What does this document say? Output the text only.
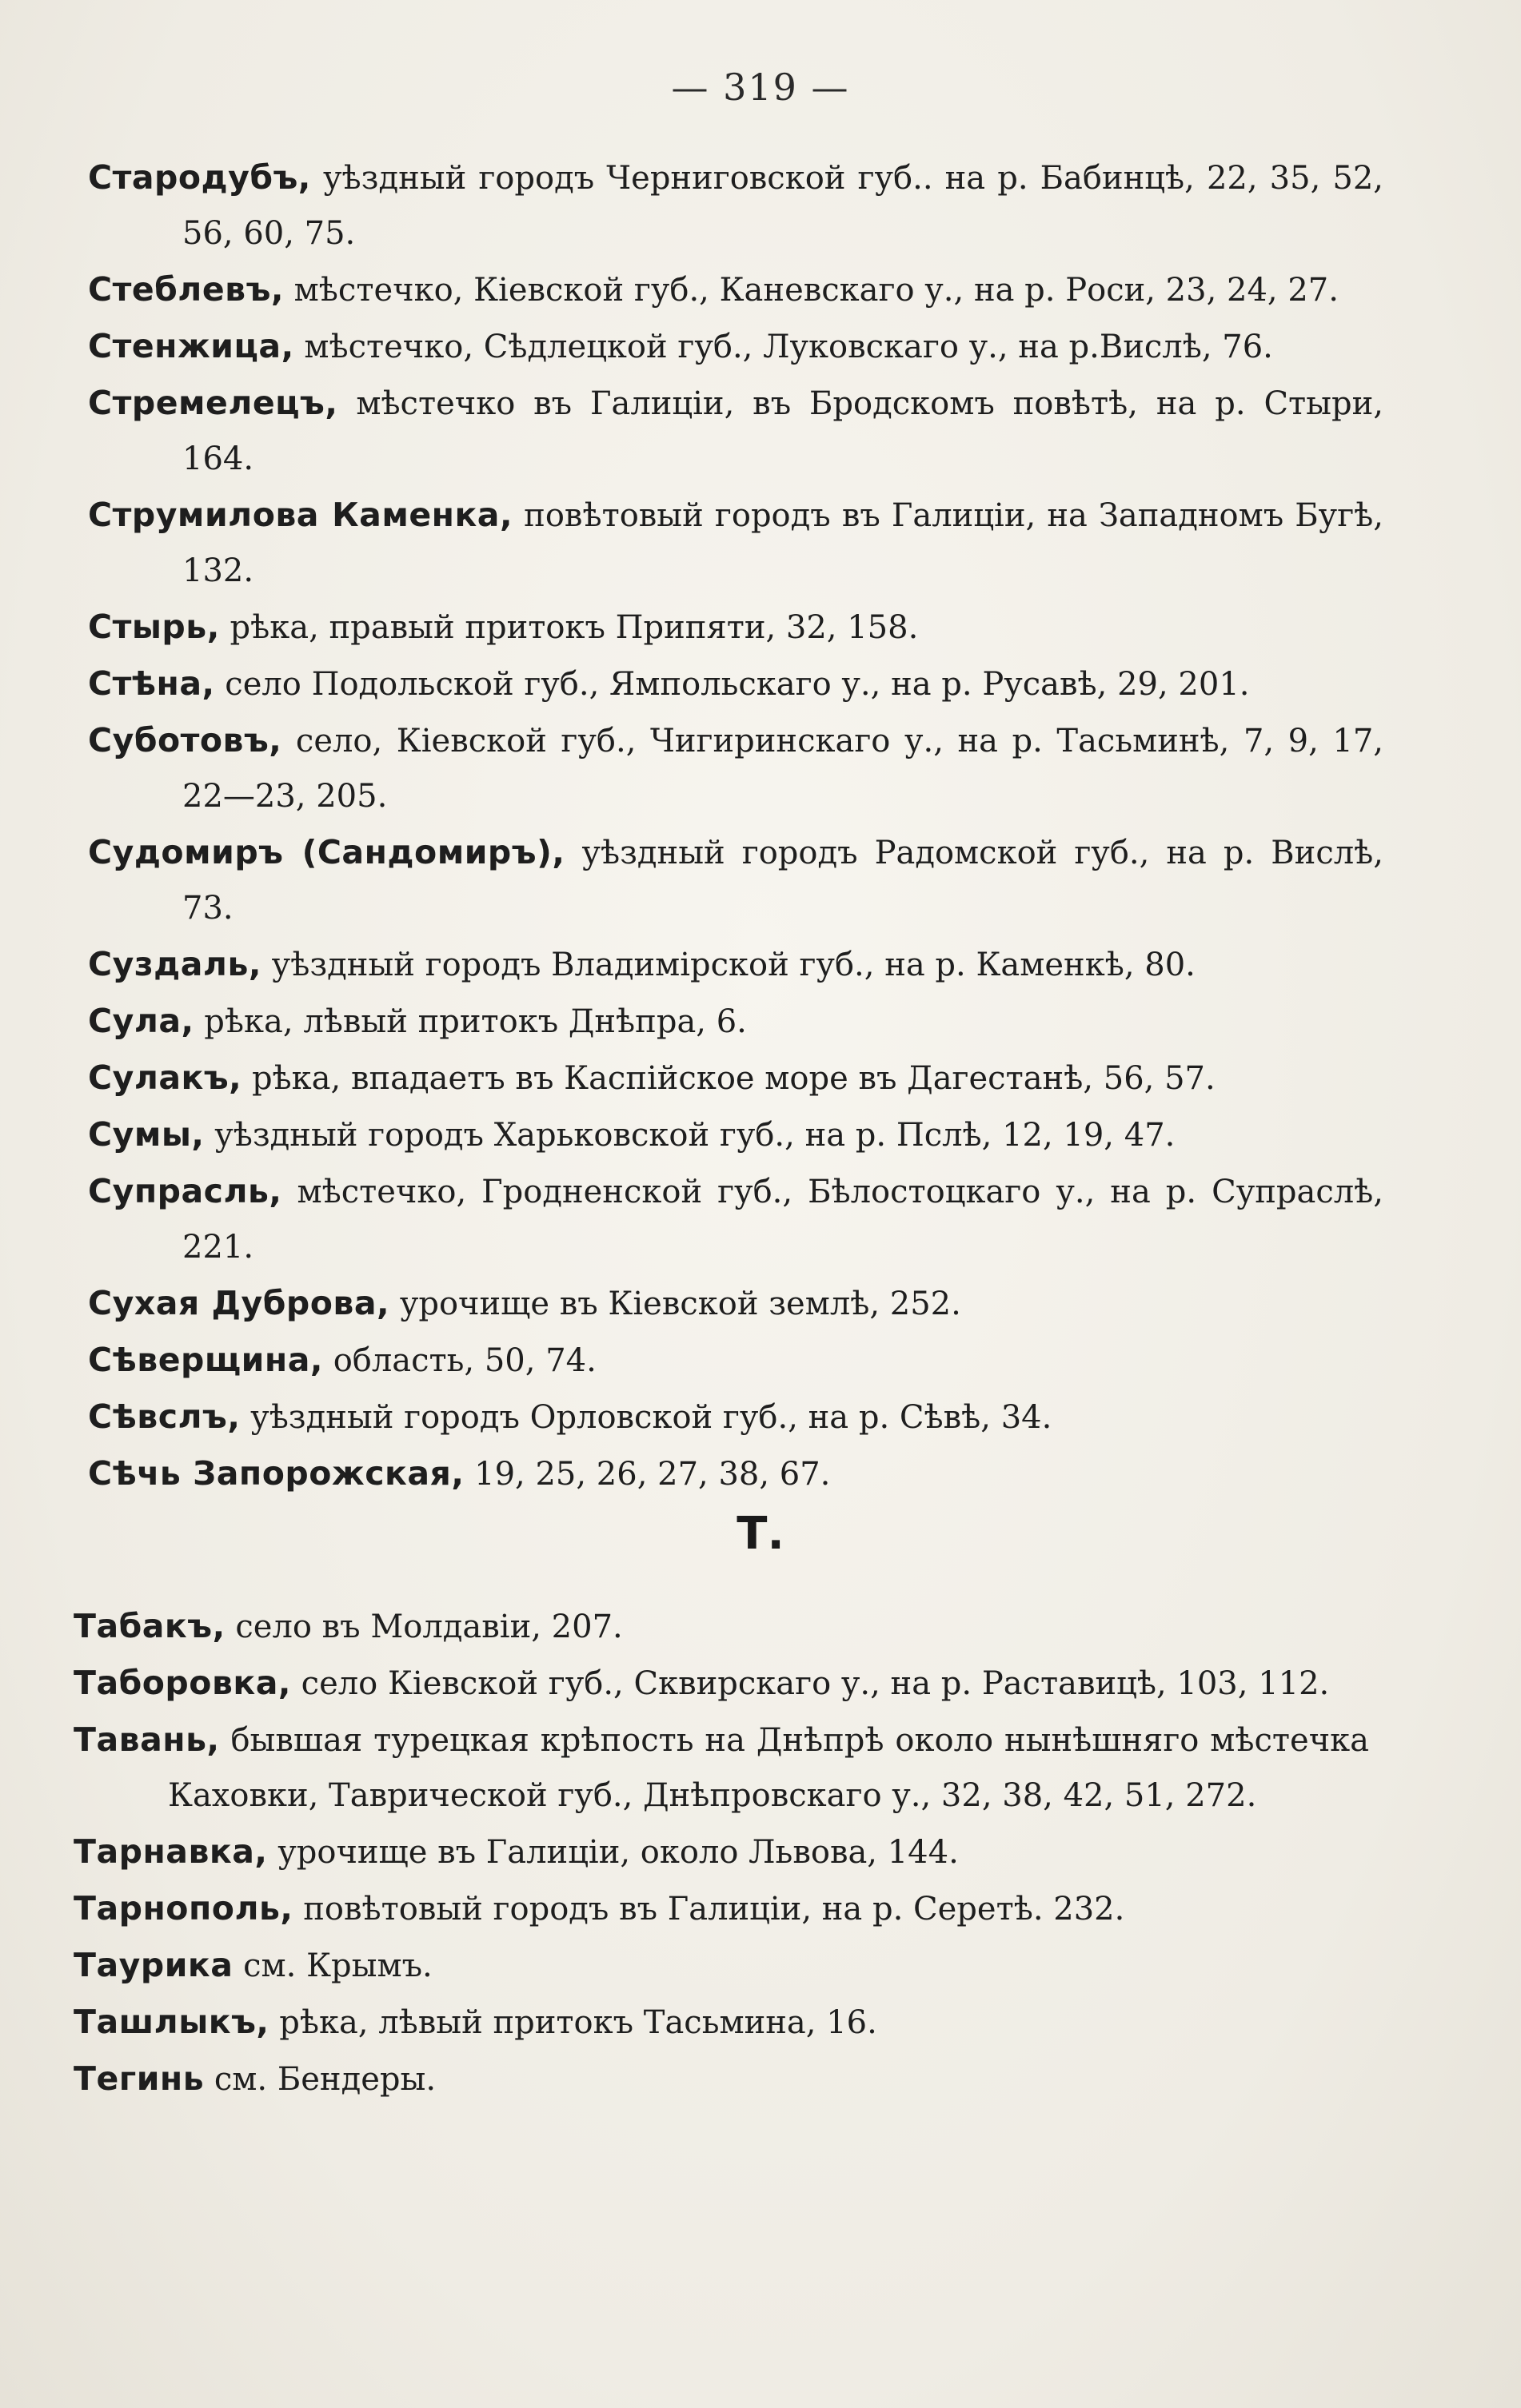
— 319 —

Стародубъ, уѣздный городъ Черниговской губ.. на р. Бабинцѣ, 22, 35, 52, 56, 60, 75.

Стеблевъ, мѣстечко, Кіевской губ., Каневскаго у., на р. Роси, 23, 24, 27.

Стенжица, мѣстечко, Сѣдлецкой губ., Луковскаго у., на р.Вислѣ, 76.

Стремелецъ, мѣстечко въ Галиціи, въ Бродскомъ повѣтѣ, на р. Стыри, 164.

Струмилова Каменка, повѣтовый городъ въ Галиціи, на Западномъ Бугѣ, 132.

Стырь, рѣка, правый притокъ Припяти, 32, 158.

Стѣна, село Подольской губ., Ямпольскаго у., на р. Русавѣ, 29, 201.

Суботовъ, село, Кіевской губ., Чигиринскаго у., на р. Тасьминѣ, 7, 9, 17, 22—23, 205.

Судомиръ (Сандомиръ), уѣздный городъ Радомской губ., на р. Вислѣ, 73.

Суздаль, уѣздный городъ Владимірской губ., на р. Каменкѣ, 80.

Сула, рѣка, лѣвый притокъ Днѣпра, 6.

Сулакъ, рѣка, впадаетъ въ Каспійское море въ Дагестанѣ, 56, 57.

Сумы, уѣздный городъ Харьковской губ., на р. Пслѣ, 12, 19, 47.

Супрасль, мѣстечко, Гродненской губ., Бѣлостоцкаго у., на р. Супраслѣ, 221.

Сухая Дуброва, урочище въ Кіевской землѣ, 252.

Сѣверщина, область, 50, 74.

Сѣвслъ, уѣздный городъ Орловской губ., на р. Сѣвѣ, 34.

Сѣчь Запорожская, 19, 25, 26, 27, 38, 67.

Т.

Табакъ, село въ Молдавіи, 207.

Таборовка, село Кіевской губ., Сквирскаго у., на р. Раставицѣ, 103, 112.

Тавань, бывшая турецкая крѣпость на Днѣпрѣ около нынѣшняго мѣстечка Каховки, Таврической губ., Днѣпровскаго у., 32, 38, 42, 51, 272.

Тарнавка, урочище въ Галиціи, около Львова, 144.

Тарнополь, повѣтовый городъ въ Галиціи, на р. Серетѣ. 232.

Таурика см. Крымъ.

Ташлыкъ, рѣка, лѣвый притокъ Тасьмина, 16.

Тегинь см. Бендеры.
